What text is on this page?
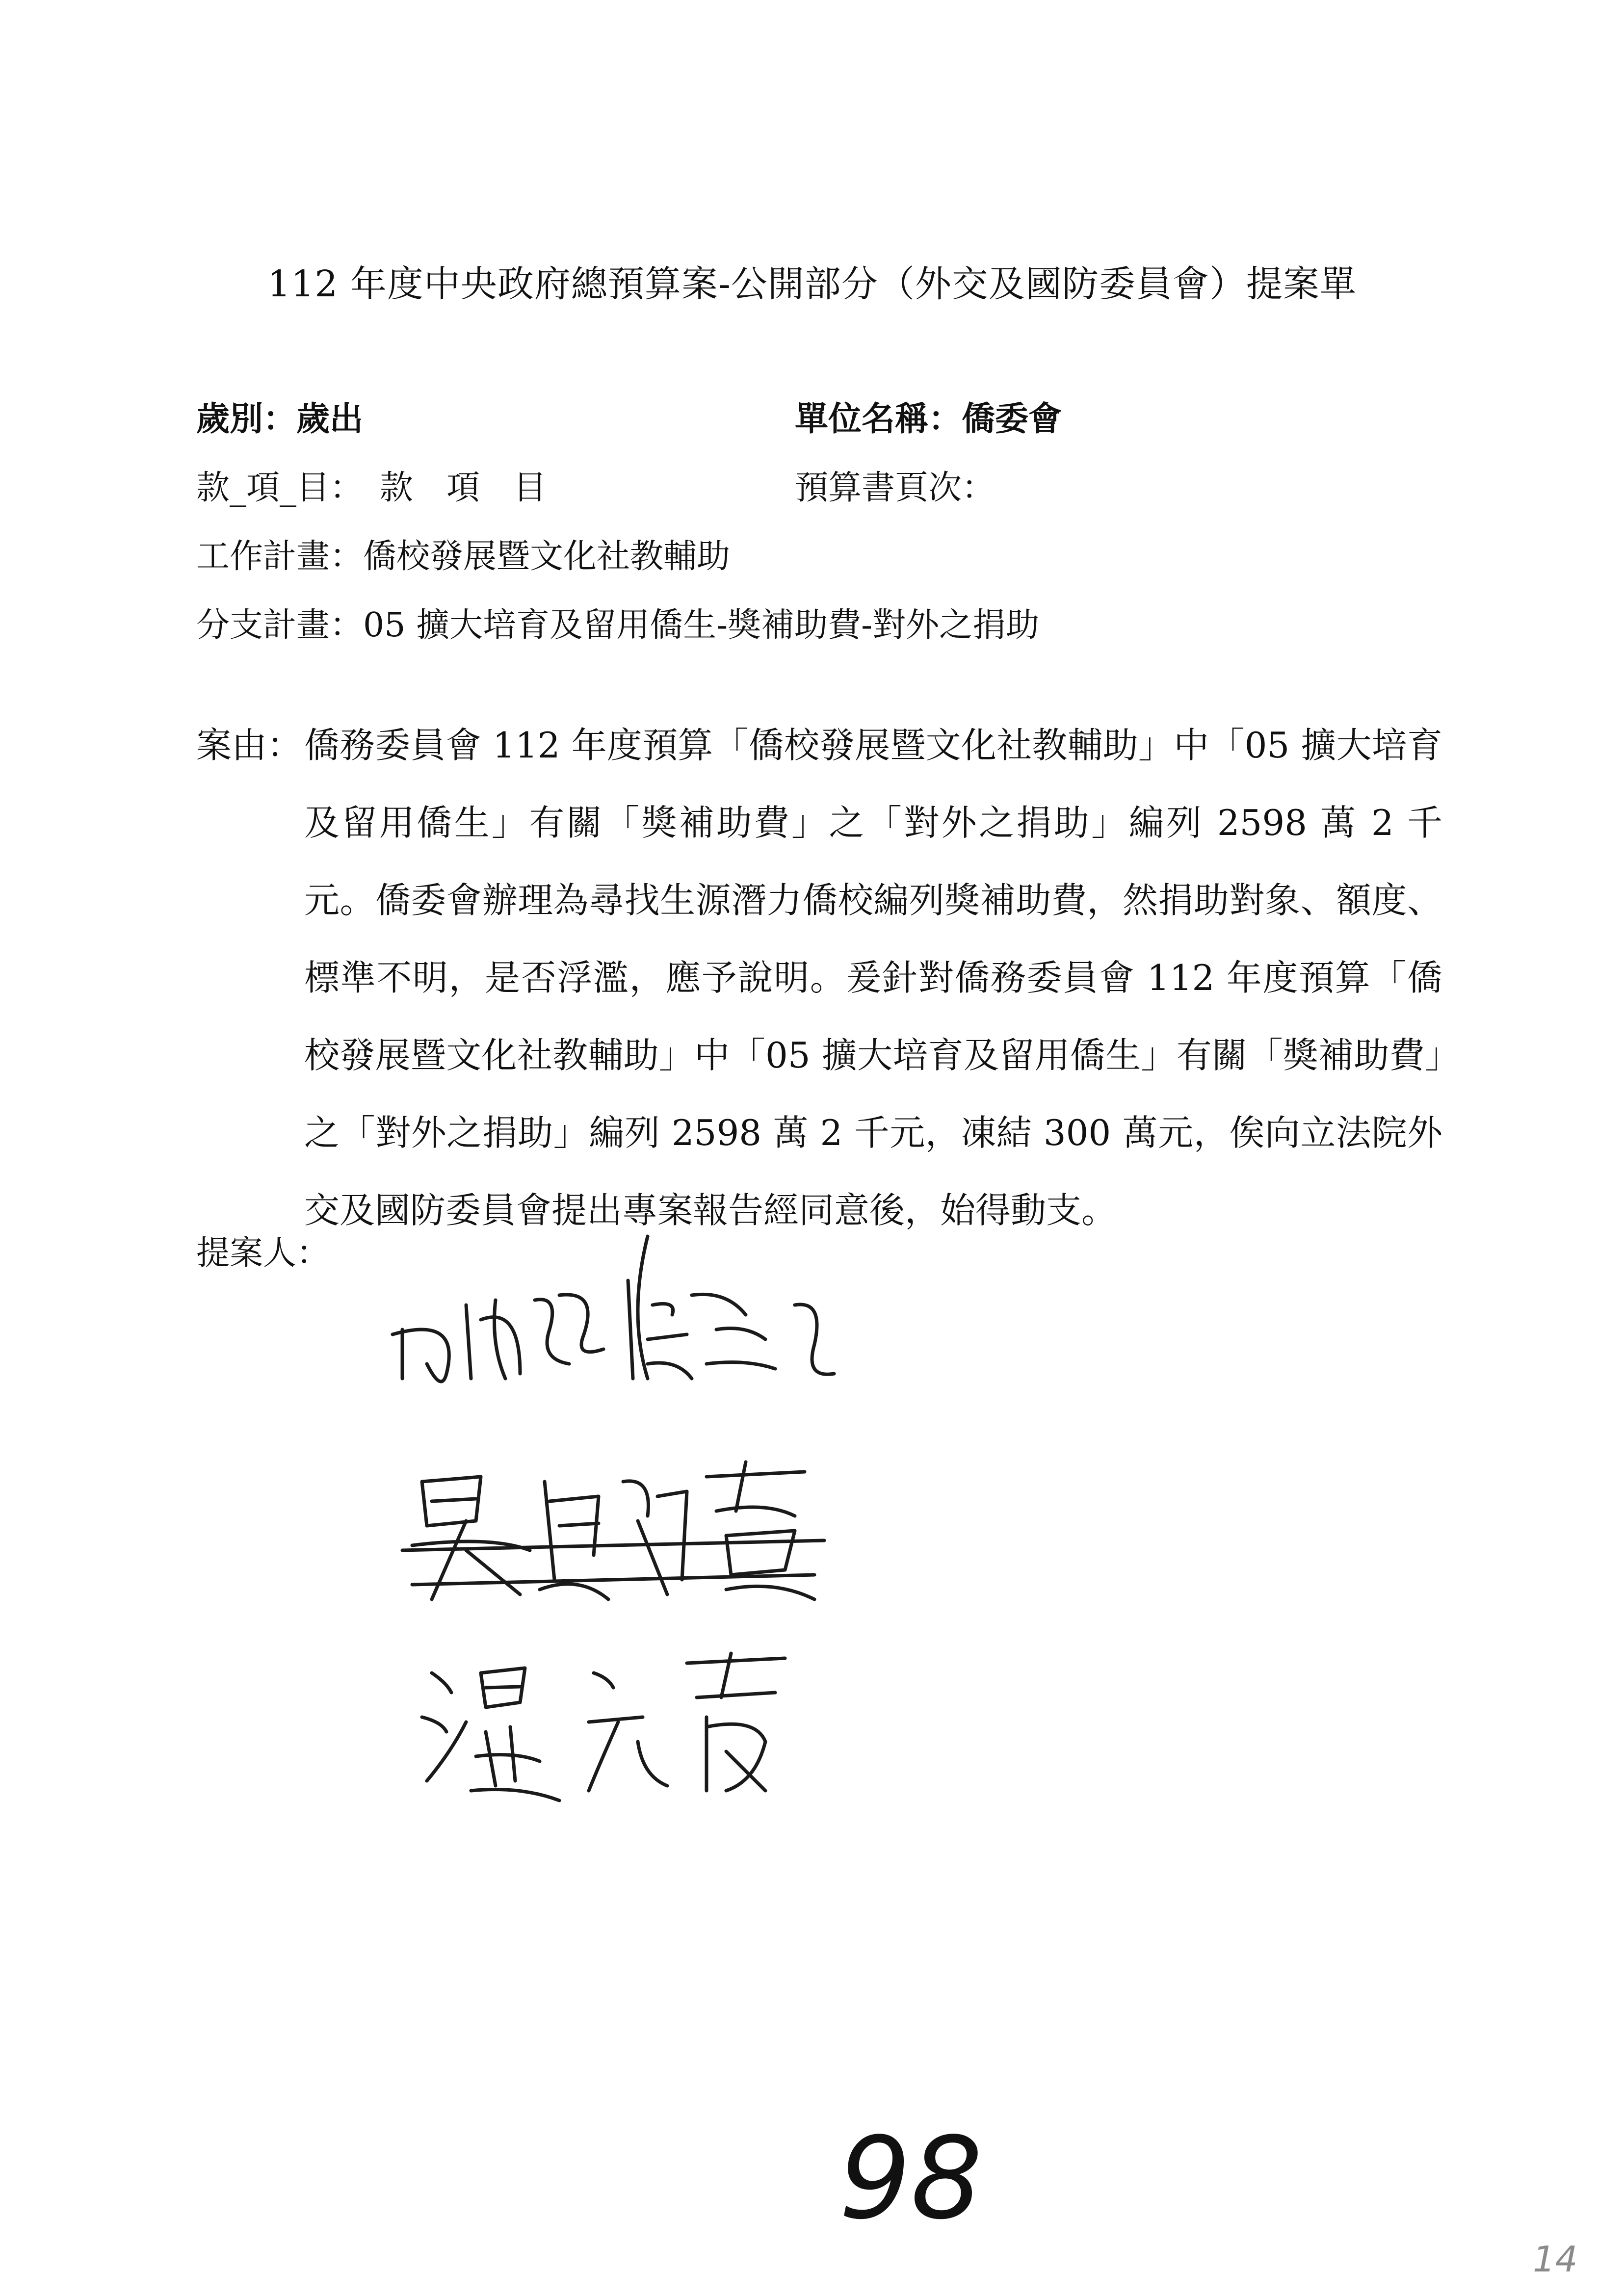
112 年度中央政府總預算案-公開部分（外交及國防委員會）提案單
歲別：歲出	單位名稱：僑委會
款_項_目：　款　項　目	預算書頁次：
工作計畫：僑校發展暨文化社教輔助
分支計畫：05 擴大培育及留用僑生-獎補助費-對外之捐助
案由： 僑務委員會 112 年度預算「僑校發展暨文化社教輔助」中「05 擴大培育及留用僑生」有關「獎補助費」之「對外之捐助」編列 2598 萬 2 千元。僑委會辦理為尋找生源潛力僑校編列獎補助費，然捐助對象、額度、標準不明，是否浮濫，應予說明。爰針對僑務委員會 112 年度預算「僑校發展暨文化社教輔助」中「05 擴大培育及留用僑生」有關「獎補助費」之「對外之捐助」編列 2598 萬 2 千元，凍結 300 萬元，俟向立法院外交及國防委員會提出專案報告經同意後，始得動支。
提案人：
98
14
